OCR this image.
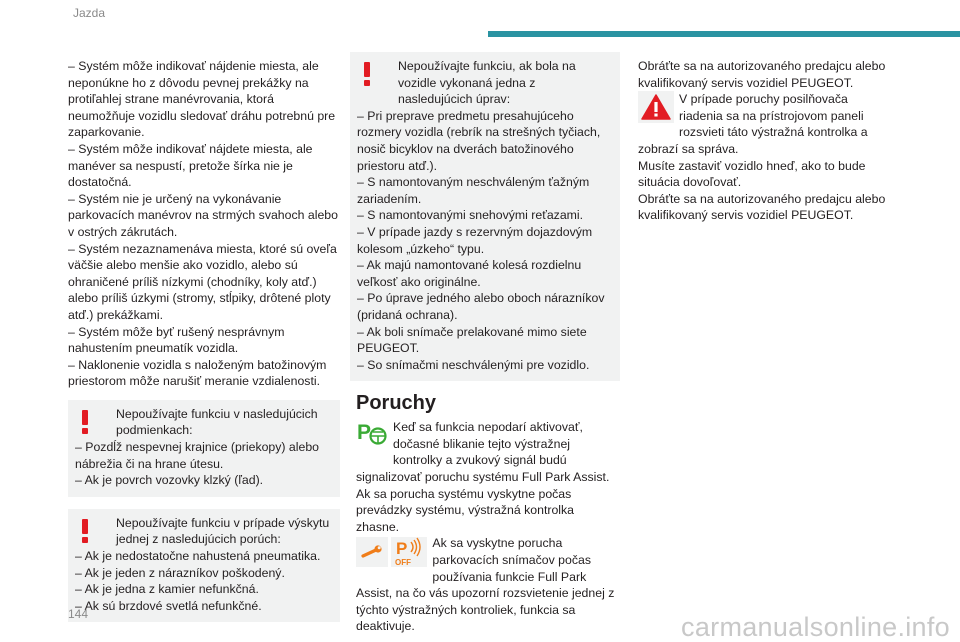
Jazda

– Systém môže indikovať nájdenie miesta, ale neponúkne ho z dôvodu pevnej prekážky na protiľahlej strane manévrovania, ktorá neumožňuje vozidlu sledovať dráhu potrebnú pre zaparkovanie.

– Systém môže indikovať nájdete miesta, ale manéver sa nespustí, pretože šírka nie je dostatočná.

– Systém nie je určený na vykonávanie parkovacích manévrov na strmých svahoch alebo v ostrých zákrutách.

– Systém nezaznamenáva miesta, ktoré sú oveľa väčšie alebo menšie ako vozidlo, alebo sú ohraničené príliš nízkymi (chodníky, koly atď.) alebo príliš úzkymi (stromy, stĺpiky, drôtené ploty atď.) prekážkami.

– Systém môže byť rušený nesprávnym nahustením pneumatík vozidla.

– Naklonenie vozidla s naloženým batožinovým priestorom môže narušiť meranie vzdialenosti.

Nepoužívajte funkciu v nasledujúcich podmienkach:

– Pozdĺž nespevnej krajnice (priekopy) alebo nábrežia či na hrane útesu.

– Ak je povrch vozovky klzký (ľad).

Nepoužívajte funkciu v prípade výskytu jednej z nasledujúcich porúch:

– Ak je nedostatočne nahustená pneumatika.

– Ak je jeden z nárazníkov poškodený.

– Ak je jedna z kamier nefunkčná.

– Ak sú brzdové svetlá nefunkčné.

Nepoužívajte funkciu, ak bola na vozidle vykonaná jedna z nasledujúcich úprav:

– Pri preprave predmetu presahujúceho rozmery vozidla (rebrík na strešných tyčiach, nosič bicyklov na dverách batožinového priestoru atď.).

– S namontovaným neschváleným ťažným zariadením.

– S namontovanými snehovými reťazami.

– V prípade jazdy s rezervným dojazdovým kolesom „úzkeho“ typu.

– Ak majú namontované kolesá rozdielnu veľkosť ako originálne.

– Po úprave jedného alebo oboch nárazníkov (pridaná ochrana).

– Ak boli snímače prelakované mimo siete PEUGEOT.

– So snímačmi neschválenými pre vozidlo.

Poruchy

P Keď sa funkcia nepodarí aktivovať, dočasné blikanie tejto výstražnej kontrolky a zvukový signál budú signalizovať poruchu systému Full Park Assist.

Ak sa porucha systému vyskytne počas prevádzky systému, výstražná kontrolka zhasne.

P
OFF
Ak sa vyskytne porucha parkovacích snímačov počas používania funkcie Full Park Assist, na čo vás upozorní rozsvietenie jednej z týchto výstražných kontroliek, funkcia sa deaktivuje.

Obráťte sa na autorizovaného predajcu alebo kvalifikovaný servis vozidiel PEUGEOT.

V prípade poruchy posilňovača riadenia sa na prístrojovom paneli rozsvieti táto výstražná kontrolka a zobrazí sa správa.

Musíte zastaviť vozidlo hneď, ako to bude situácia dovoľovať.

Obráťte sa na autorizovaného predajcu alebo kvalifikovaný servis vozidiel PEUGEOT.

144	carmanualsonline.info
